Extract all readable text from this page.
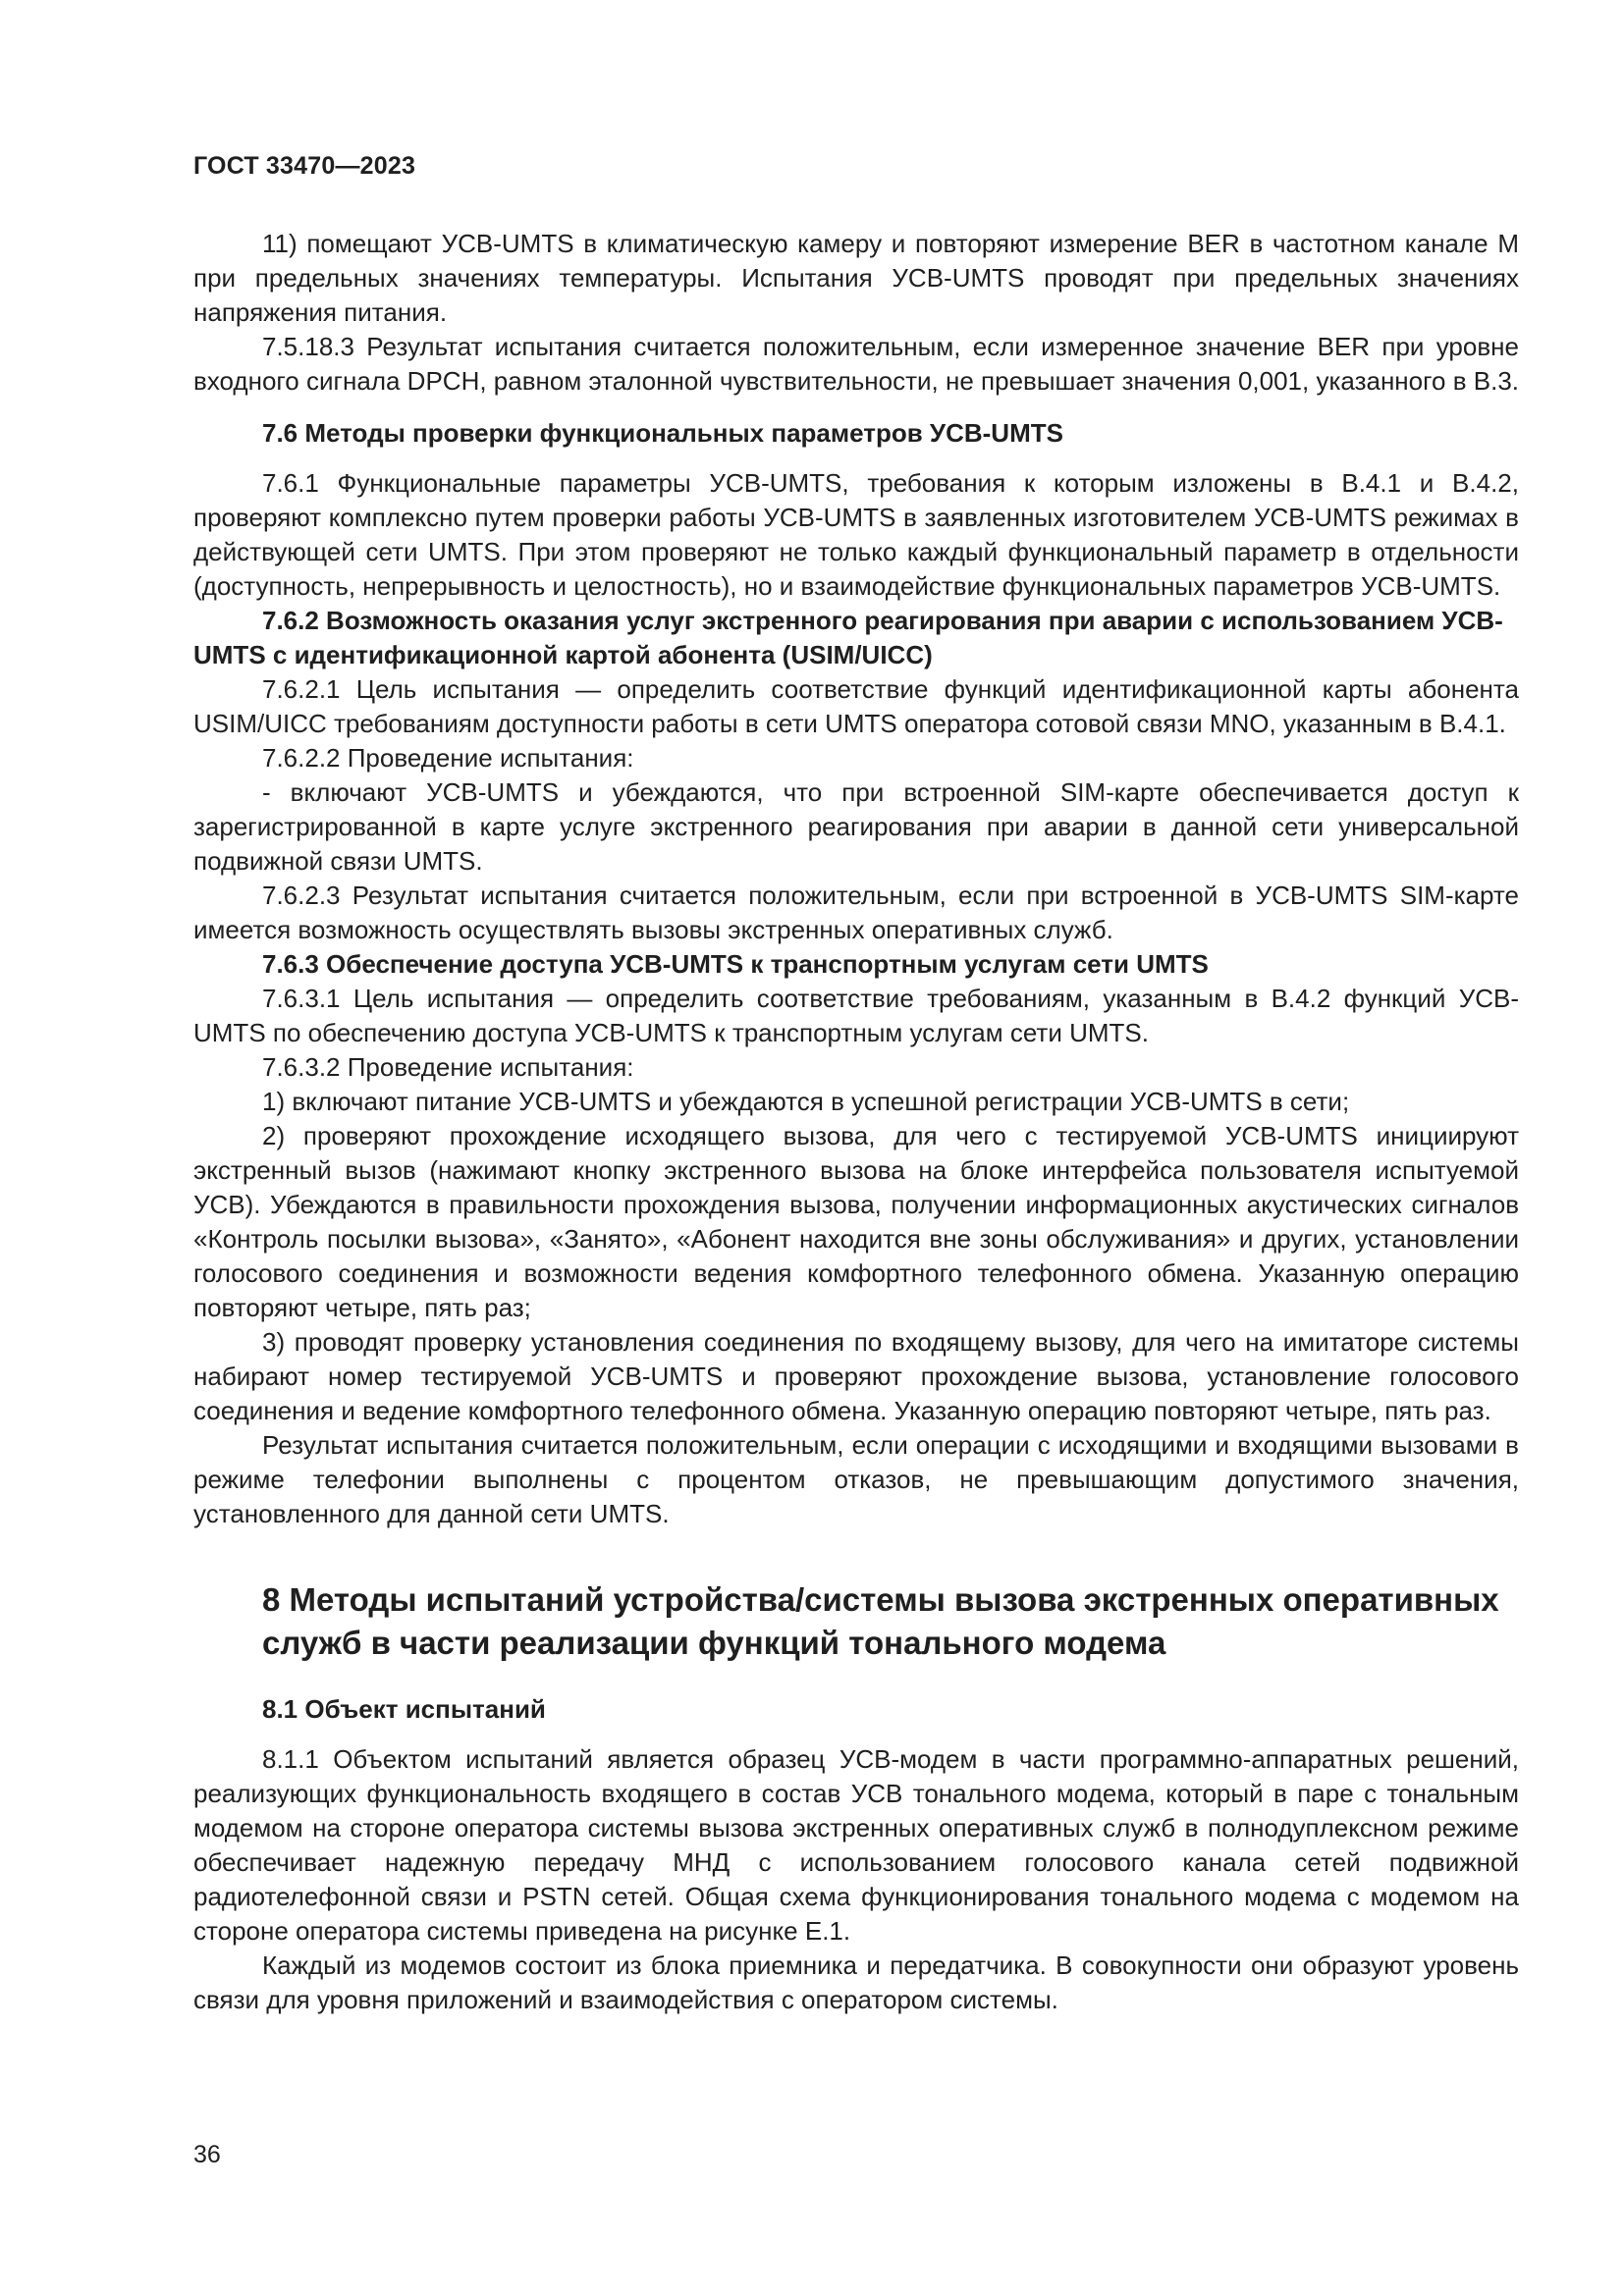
ГОСТ 33470—2023

11) помещают УСВ-UMTS в климатическую камеру и повторяют измерение BER в частотном канале M при предельных значениях температуры. Испытания УСВ-UMTS проводят при предельных значениях напряжения питания.

7.5.18.3 Результат испытания считается положительным, если измеренное значение BER при уровне входного сигнала DPCH, равном эталонной чувствительности, не превышает значения 0,001, указанного в В.3.

7.6 Методы проверки функциональных параметров УСВ-UMTS

7.6.1 Функциональные параметры УСВ-UMTS, требования к которым изложены в В.4.1 и В.4.2, проверяют комплексно путем проверки работы УСВ-UMTS в заявленных изготовителем УСВ-UMTS режимах в действующей сети UMTS. При этом проверяют не только каждый функциональный параметр в отдельности (доступность, непрерывность и целостность), но и взаимодействие функциональных параметров УСВ-UMTS.

7.6.2 Возможность оказания услуг экстренного реагирования при аварии с использованием УСВ-UMTS с идентификационной картой абонента (USIM/UICC)

7.6.2.1 Цель испытания — определить соответствие функций идентификационной карты абонента USIM/UICC требованиям доступности работы в сети UMTS оператора сотовой связи MNO, указанным в В.4.1.

7.6.2.2 Проведение испытания:

- включают УСВ-UMTS и убеждаются, что при встроенной SIM-карте обеспечивается доступ к зарегистрированной в карте услуге экстренного реагирования при аварии в данной сети универсальной подвижной связи UMTS.

7.6.2.3 Результат испытания считается положительным, если при встроенной в УСВ-UMTS SIM-карте имеется возможность осуществлять вызовы экстренных оперативных служб.

7.6.3 Обеспечение доступа УСВ-UMTS к транспортным услугам сети UMTS

7.6.3.1 Цель испытания — определить соответствие требованиям, указанным в В.4.2 функций УСВ-UMTS по обеспечению доступа УСВ-UMTS к транспортным услугам сети UMTS.

7.6.3.2 Проведение испытания:

1) включают питание УСВ-UMTS и убеждаются в успешной регистрации УСВ-UMTS в сети;

2) проверяют прохождение исходящего вызова, для чего с тестируемой УСВ-UMTS инициируют экстренный вызов (нажимают кнопку экстренного вызова на блоке интерфейса пользователя испытуемой УСВ). Убеждаются в правильности прохождения вызова, получении информационных акустических сигналов «Контроль посылки вызова», «Занято», «Абонент находится вне зоны обслуживания» и других, установлении голосового соединения и возможности ведения комфортного телефонного обмена. Указанную операцию повторяют четыре, пять раз;

3) проводят проверку установления соединения по входящему вызову, для чего на имитаторе системы набирают номер тестируемой УСВ-UMTS и проверяют прохождение вызова, установление голосового соединения и ведение комфортного телефонного обмена. Указанную операцию повторяют четыре, пять раз.

Результат испытания считается положительным, если операции с исходящими и входящими вызовами в режиме телефонии выполнены с процентом отказов, не превышающим допустимого значения, установленного для данной сети UMTS.

8 Методы испытаний устройства/системы вызова экстренных оперативных служб в части реализации функций тонального модема
8.1 Объект испытаний

8.1.1 Объектом испытаний является образец УСВ-модем в части программно-аппаратных решений, реализующих функциональность входящего в состав УСВ тонального модема, который в паре с тональным модемом на стороне оператора системы вызова экстренных оперативных служб в полнодуплексном режиме обеспечивает надежную передачу МНД с использованием голосового канала сетей подвижной радиотелефонной связи и PSTN сетей. Общая схема функционирования тонального модема с модемом на стороне оператора системы приведена на рисунке Е.1.

Каждый из модемов состоит из блока приемника и передатчика. В совокупности они образуют уровень связи для уровня приложений и взаимодействия с оператором системы.

36
